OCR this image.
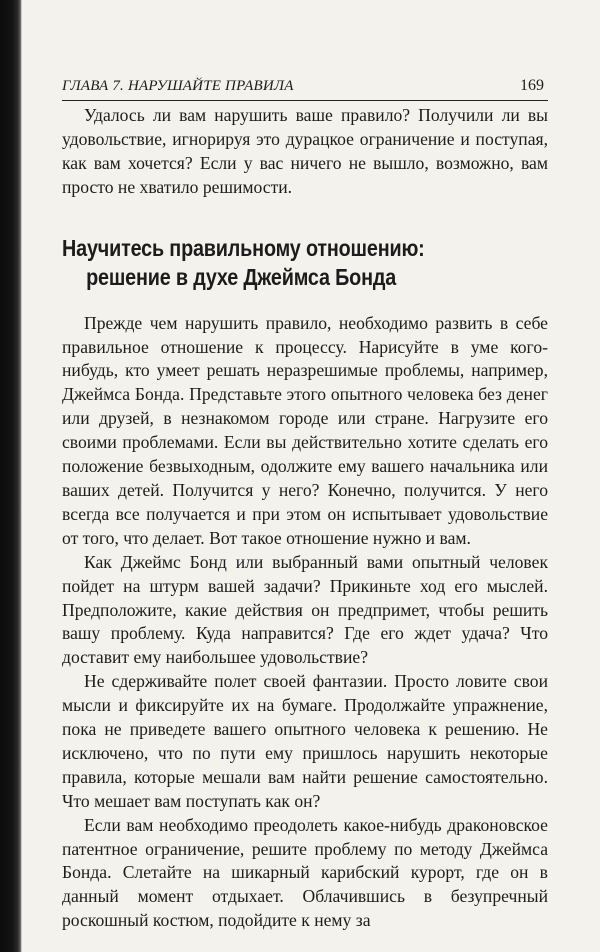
ГЛАВА 7. НАРУШАЙТЕ ПРАВИЛА	169

Удалось ли вам нарушить ваше правило? Получили ли вы удовольствие, игнорируя это дурацкое ограничение и поступая, как вам хочется? Если у вас ничего не вышло, возможно, вам просто не хватило решимости.

Научитесь правильному отношению:
решение в духе Джеймса Бонда

Прежде чем нарушить правило, необходимо развить в себе правильное отношение к процессу. Нарисуйте в уме кого-нибудь, кто умеет решать неразрешимые проблемы, например, Джеймса Бонда. Представьте этого опытного человека без денег или друзей, в незнакомом городе или стране. Нагрузите его своими проблемами. Если вы действительно хотите сделать его положение безвыходным, одолжите ему вашего начальника или ваших детей. Получится у него? Конечно, получится. У него всегда все получается и при этом он испытывает удовольствие от того, что делает. Вот такое отношение нужно и вам.

Как Джеймс Бонд или выбранный вами опытный человек пойдет на штурм вашей задачи? Прикиньте ход его мыслей. Предположите, какие действия он предпримет, чтобы решить вашу проблему. Куда направится? Где его ждет удача? Что доставит ему наибольшее удовольствие?

Не сдерживайте полет своей фантазии. Просто ловите свои мысли и фиксируйте их на бумаге. Продолжайте упражнение, пока не приведете вашего опытного человека к решению. Не исключено, что по пути ему пришлось нарушить некоторые правила, которые мешали вам найти решение самостоятельно. Что мешает вам поступать как он?

Если вам необходимо преодолеть какое-нибудь драконовское патентное ограничение, решите проблему по методу Джеймса Бонда. Слетайте на шикарный карибский курорт, где он в данный момент отдыхает. Облачившись в безупречный роскошный костюм, подойдите к нему за
